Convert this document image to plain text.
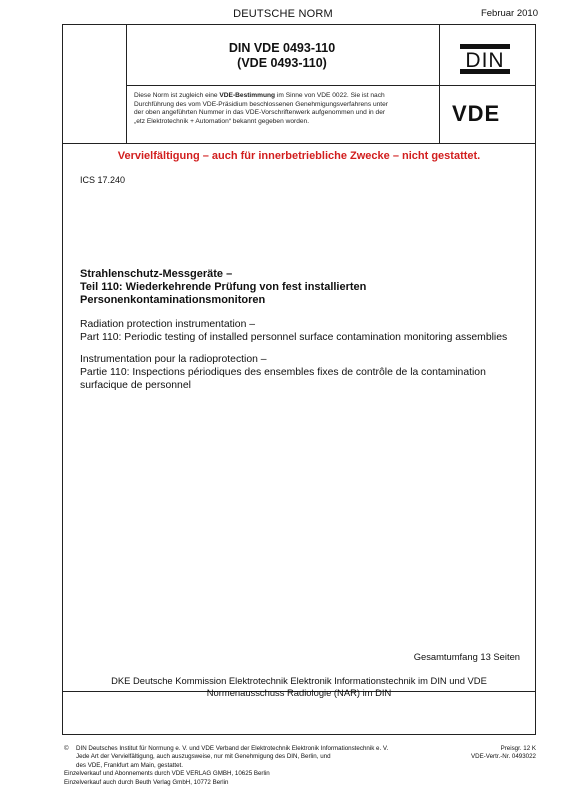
DEUTSCHE NORM	Februar 2010
DIN VDE 0493-110
(VDE 0493-110)	DIN
VDE
Diese Norm ist zugleich eine VDE-Bestimmung im Sinne von VDE 0022. Sie ist nach
Durchführung des vom VDE-Präsidium beschlossenen Genehmigungsverfahrens unter
der oben angeführten Nummer in das VDE-Vorschriftenwerk aufgenommen und in der
„etz Elektrotechnik + Automation“ bekannt gegeben worden.
Vervielfältigung – auch für innerbetriebliche Zwecke – nicht gestattet.
ICS 17.240
Strahlenschutz-Messgeräte –
Teil 110: Wiederkehrende Prüfung von fest installierten
Personenkontaminationsmonitoren
Radiation protection instrumentation –
Part 110: Periodic testing of installed personnel surface contamination monitoring assemblies
Instrumentation pour la radioprotection –
Partie 110: Inspections périodiques des ensembles fixes de contrôle de la contamination
surfacique de personnel
Gesamtumfang 13 Seiten
DKE Deutsche Kommission Elektrotechnik Elektronik Informationstechnik im DIN und VDE
Normenausschuss Radiologie (NAR) im DIN
© DIN Deutsches Institut für Normung e. V. und VDE Verband der Elektrotechnik Elektronik Informationstechnik e. V.
Jede Art der Vervielfältigung, auch auszugsweise, nur mit Genehmigung des DIN, Berlin, und
des VDE, Frankfurt am Main, gestattet.
Einzelverkauf und Abonnements durch VDE VERLAG GMBH, 10625 Berlin
Einzelverkauf auch durch Beuth Verlag GmbH, 10772 Berlin
Preisgr. 12 K
VDE-Vertr.-Nr. 0493022
